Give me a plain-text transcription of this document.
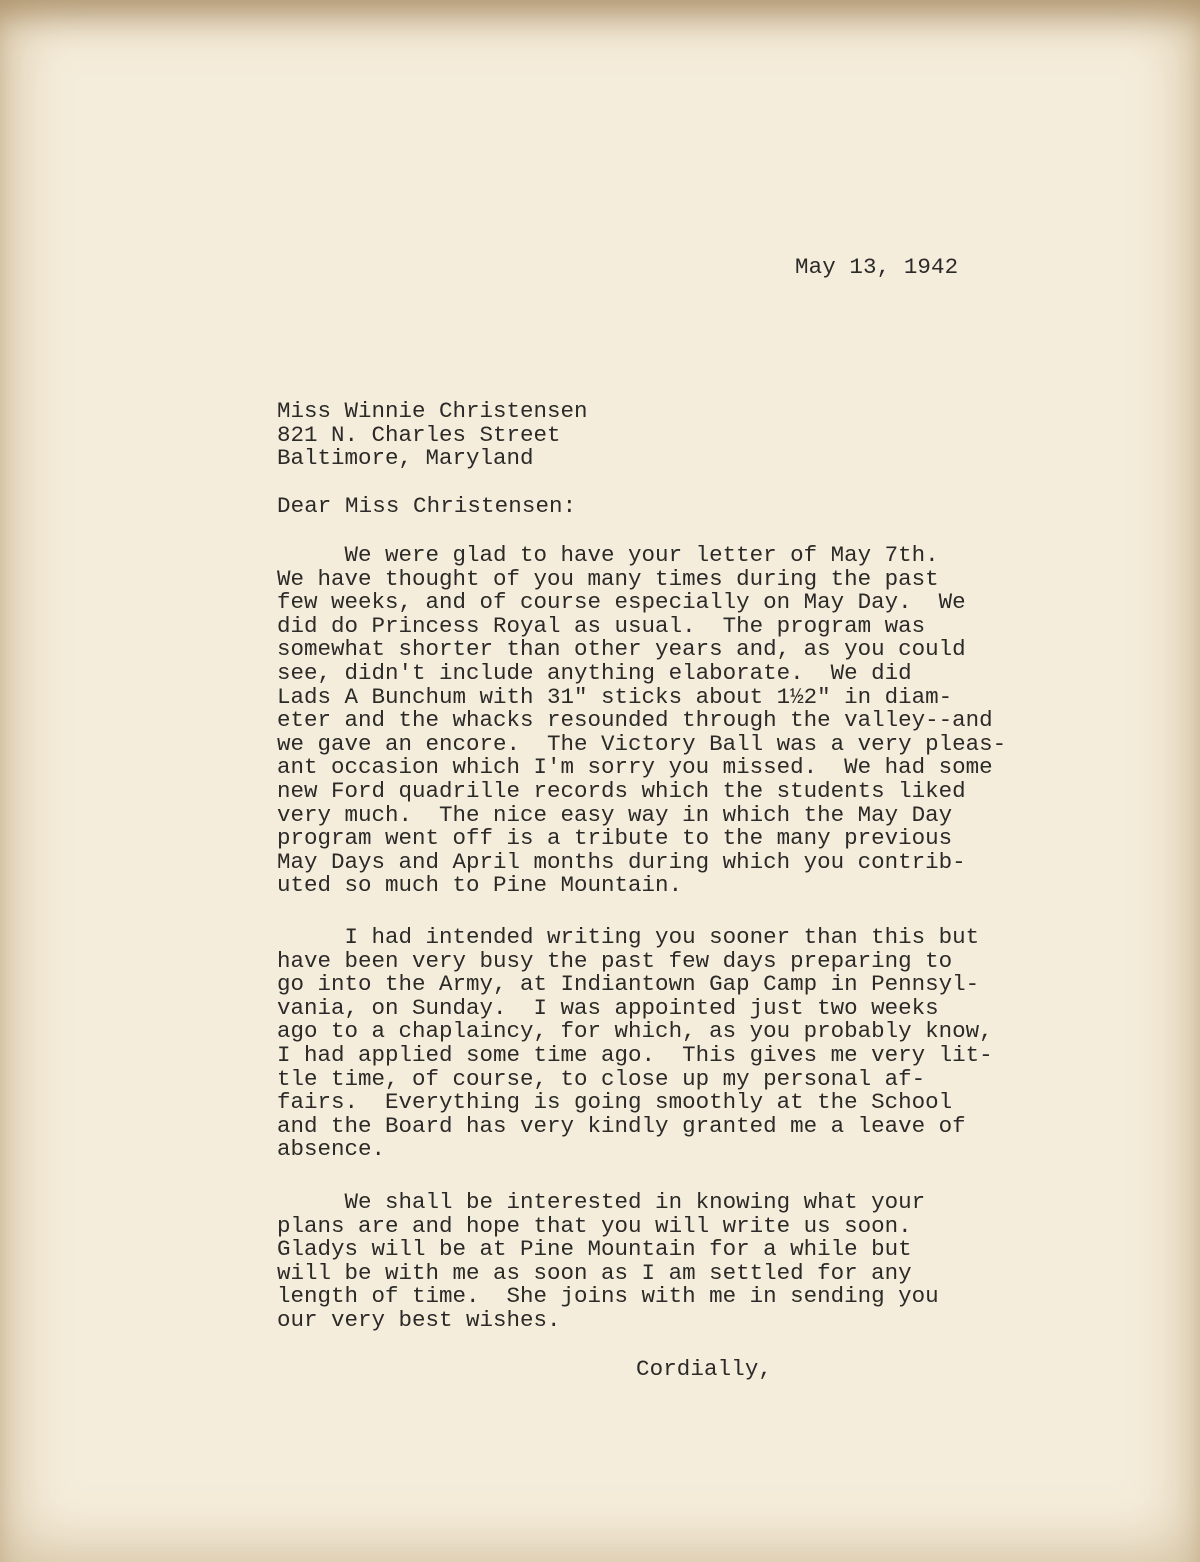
May 13, 1942
Miss Winnie Christensen
821 N. Charles Street
Baltimore, Maryland
Dear Miss Christensen:
We were glad to have your letter of May 7th.
We have thought of you many times during the past
few weeks, and of course especially on May Day.  We
did do Princess Royal as usual.  The program was
somewhat shorter than other years and, as you could
see, didn't include anything elaborate.  We did
Lads A Bunchum with 31" sticks about 1½2" in diam-
eter and the whacks resounded through the valley--and
we gave an encore.  The Victory Ball was a very pleas-
ant occasion which I'm sorry you missed.  We had some
new Ford quadrille records which the students liked
very much.  The nice easy way in which the May Day
program went off is a tribute to the many previous
May Days and April months during which you contrib-
uted so much to Pine Mountain.
I had intended writing you sooner than this but
have been very busy the past few days preparing to
go into the Army, at Indiantown Gap Camp in Pennsyl-
vania, on Sunday.  I was appointed just two weeks
ago to a chaplaincy, for which, as you probably know,
I had applied some time ago.  This gives me very lit-
tle time, of course, to close up my personal af-
fairs.  Everything is going smoothly at the School
and the Board has very kindly granted me a leave of
absence.
We shall be interested in knowing what your
plans are and hope that you will write us soon.
Gladys will be at Pine Mountain for a while but
will be with me as soon as I am settled for any
length of time.  She joins with me in sending you
our very best wishes.
Cordially,
